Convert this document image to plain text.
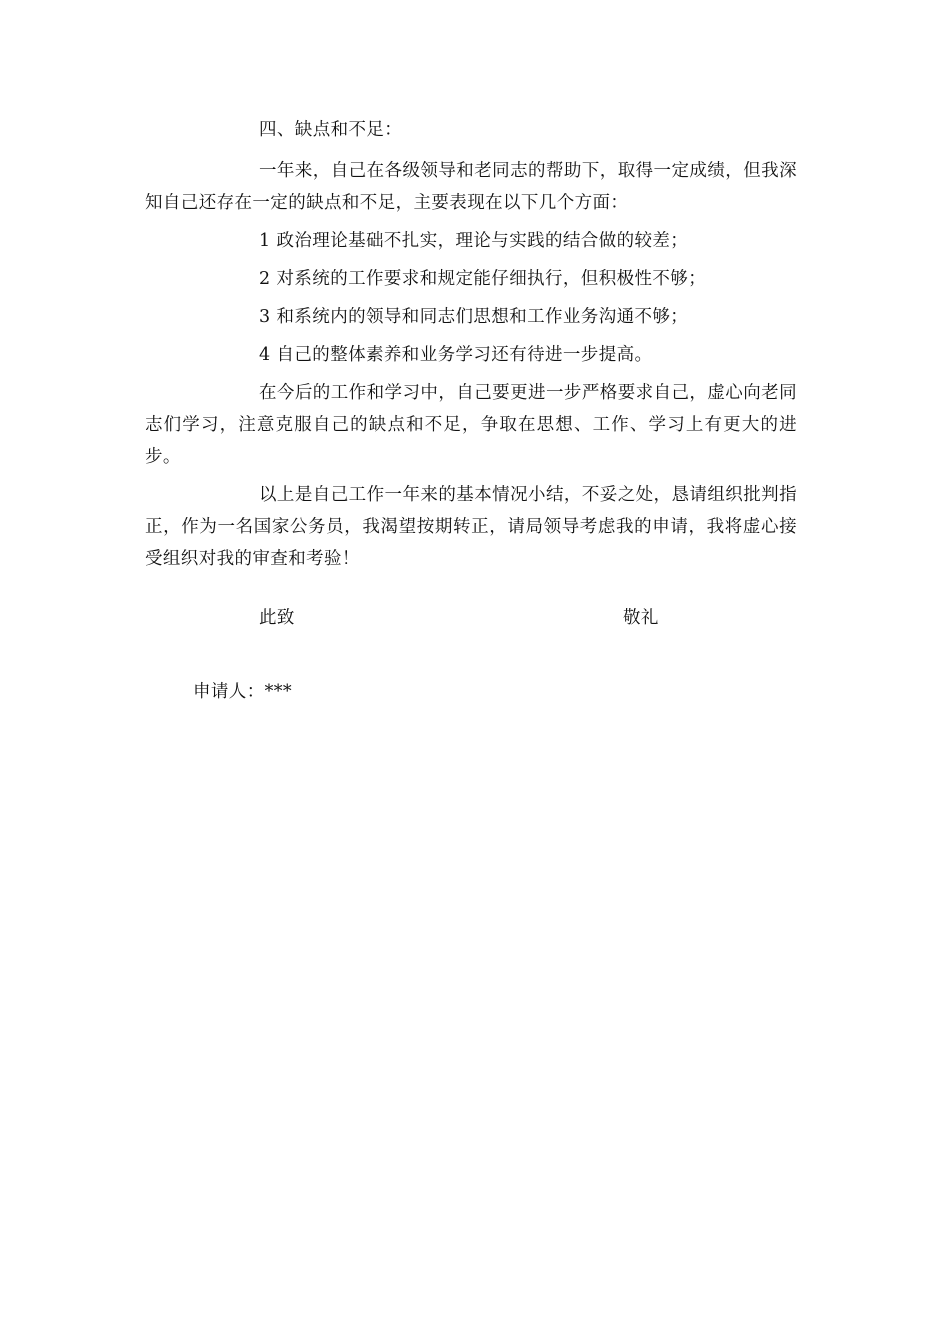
四、缺点和不足：

一年来，自己在各级领导和老同志的帮助下，取得一定成绩，但我深知自己还存在一定的缺点和不足，主要表现在以下几个方面：

1 政治理论基础不扎实，理论与实践的结合做的较差；

2 对系统的工作要求和规定能仔细执行，但积极性不够；

3 和系统内的领导和同志们思想和工作业务沟通不够；

4 自己的整体素养和业务学习还有待进一步提高。

在今后的工作和学习中，自己要更进一步严格要求自己，虚心向老同志们学习，注意克服自己的缺点和不足，争取在思想、工作、学习上有更大的进步。

以上是自己工作一年来的基本情况小结，不妥之处，恳请组织批判指正，作为一名国家公务员，我渴望按期转正，请局领导考虑我的申请，我将虚心接受组织对我的审查和考验！

此致	敬礼
申请人：***
